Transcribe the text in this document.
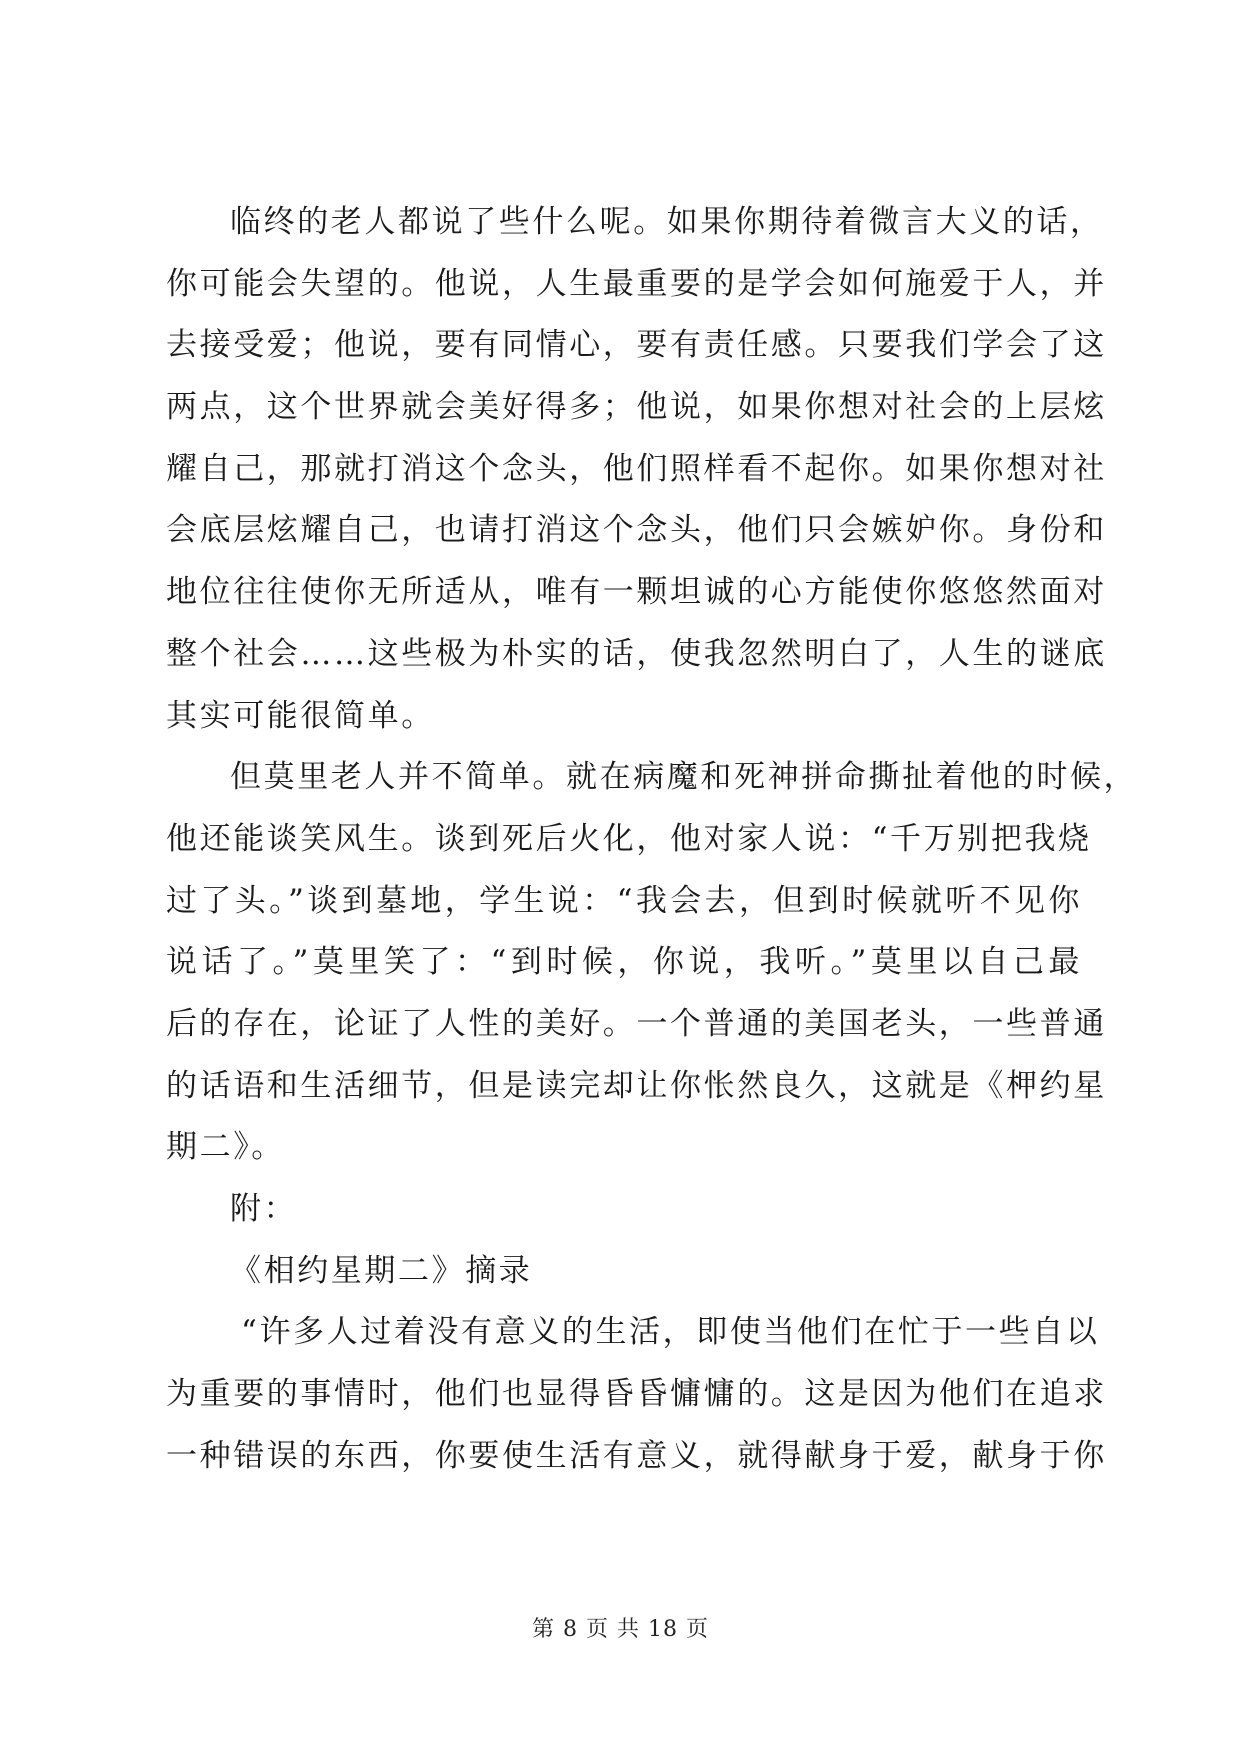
临终的老人都说了些什么呢。如果你期待着微言大义的话，
你可能会失望的。他说，人生最重要的是学会如何施爱于人，并
去接受爱；他说，要有同情心，要有责任感。只要我们学会了这
两点，这个世界就会美好得多；他说，如果你想对社会的上层炫
耀自己，那就打消这个念头，他们照样看不起你。如果你想对社
会底层炫耀自己，也请打消这个念头，他们只会嫉妒你。身份和
地位往往使你无所适从，唯有一颗坦诚的心方能使你悠悠然面对
整个社会……这些极为朴实的话，使我忽然明白了，人生的谜底
其实可能很简单。
但莫里老人并不简单。就在病魔和死神拼命撕扯着他的时候，
他还能谈笑风生。谈到死后火化，他对家人说：“千万别把我烧
过了头。”谈到墓地，学生说：“我会去，但到时候就听不见你
说话了。”莫里笑了：“到时候，你说，我听。”莫里以自己最
后的存在，论证了人性的美好。一个普通的美国老头，一些普通
的话语和生活细节，但是读完却让你怅然良久，这就是《柙约星
期二》。
附：
《相约星期二》摘录
“许多人过着没有意义的生活，即使当他们在忙于一些自以
为重要的事情时，他们也显得昏昏慵慵的。这是因为他们在追求
一种错误的东西，你要使生活有意义，就得献身于爱，献身于你
第 8 页 共 18 页
